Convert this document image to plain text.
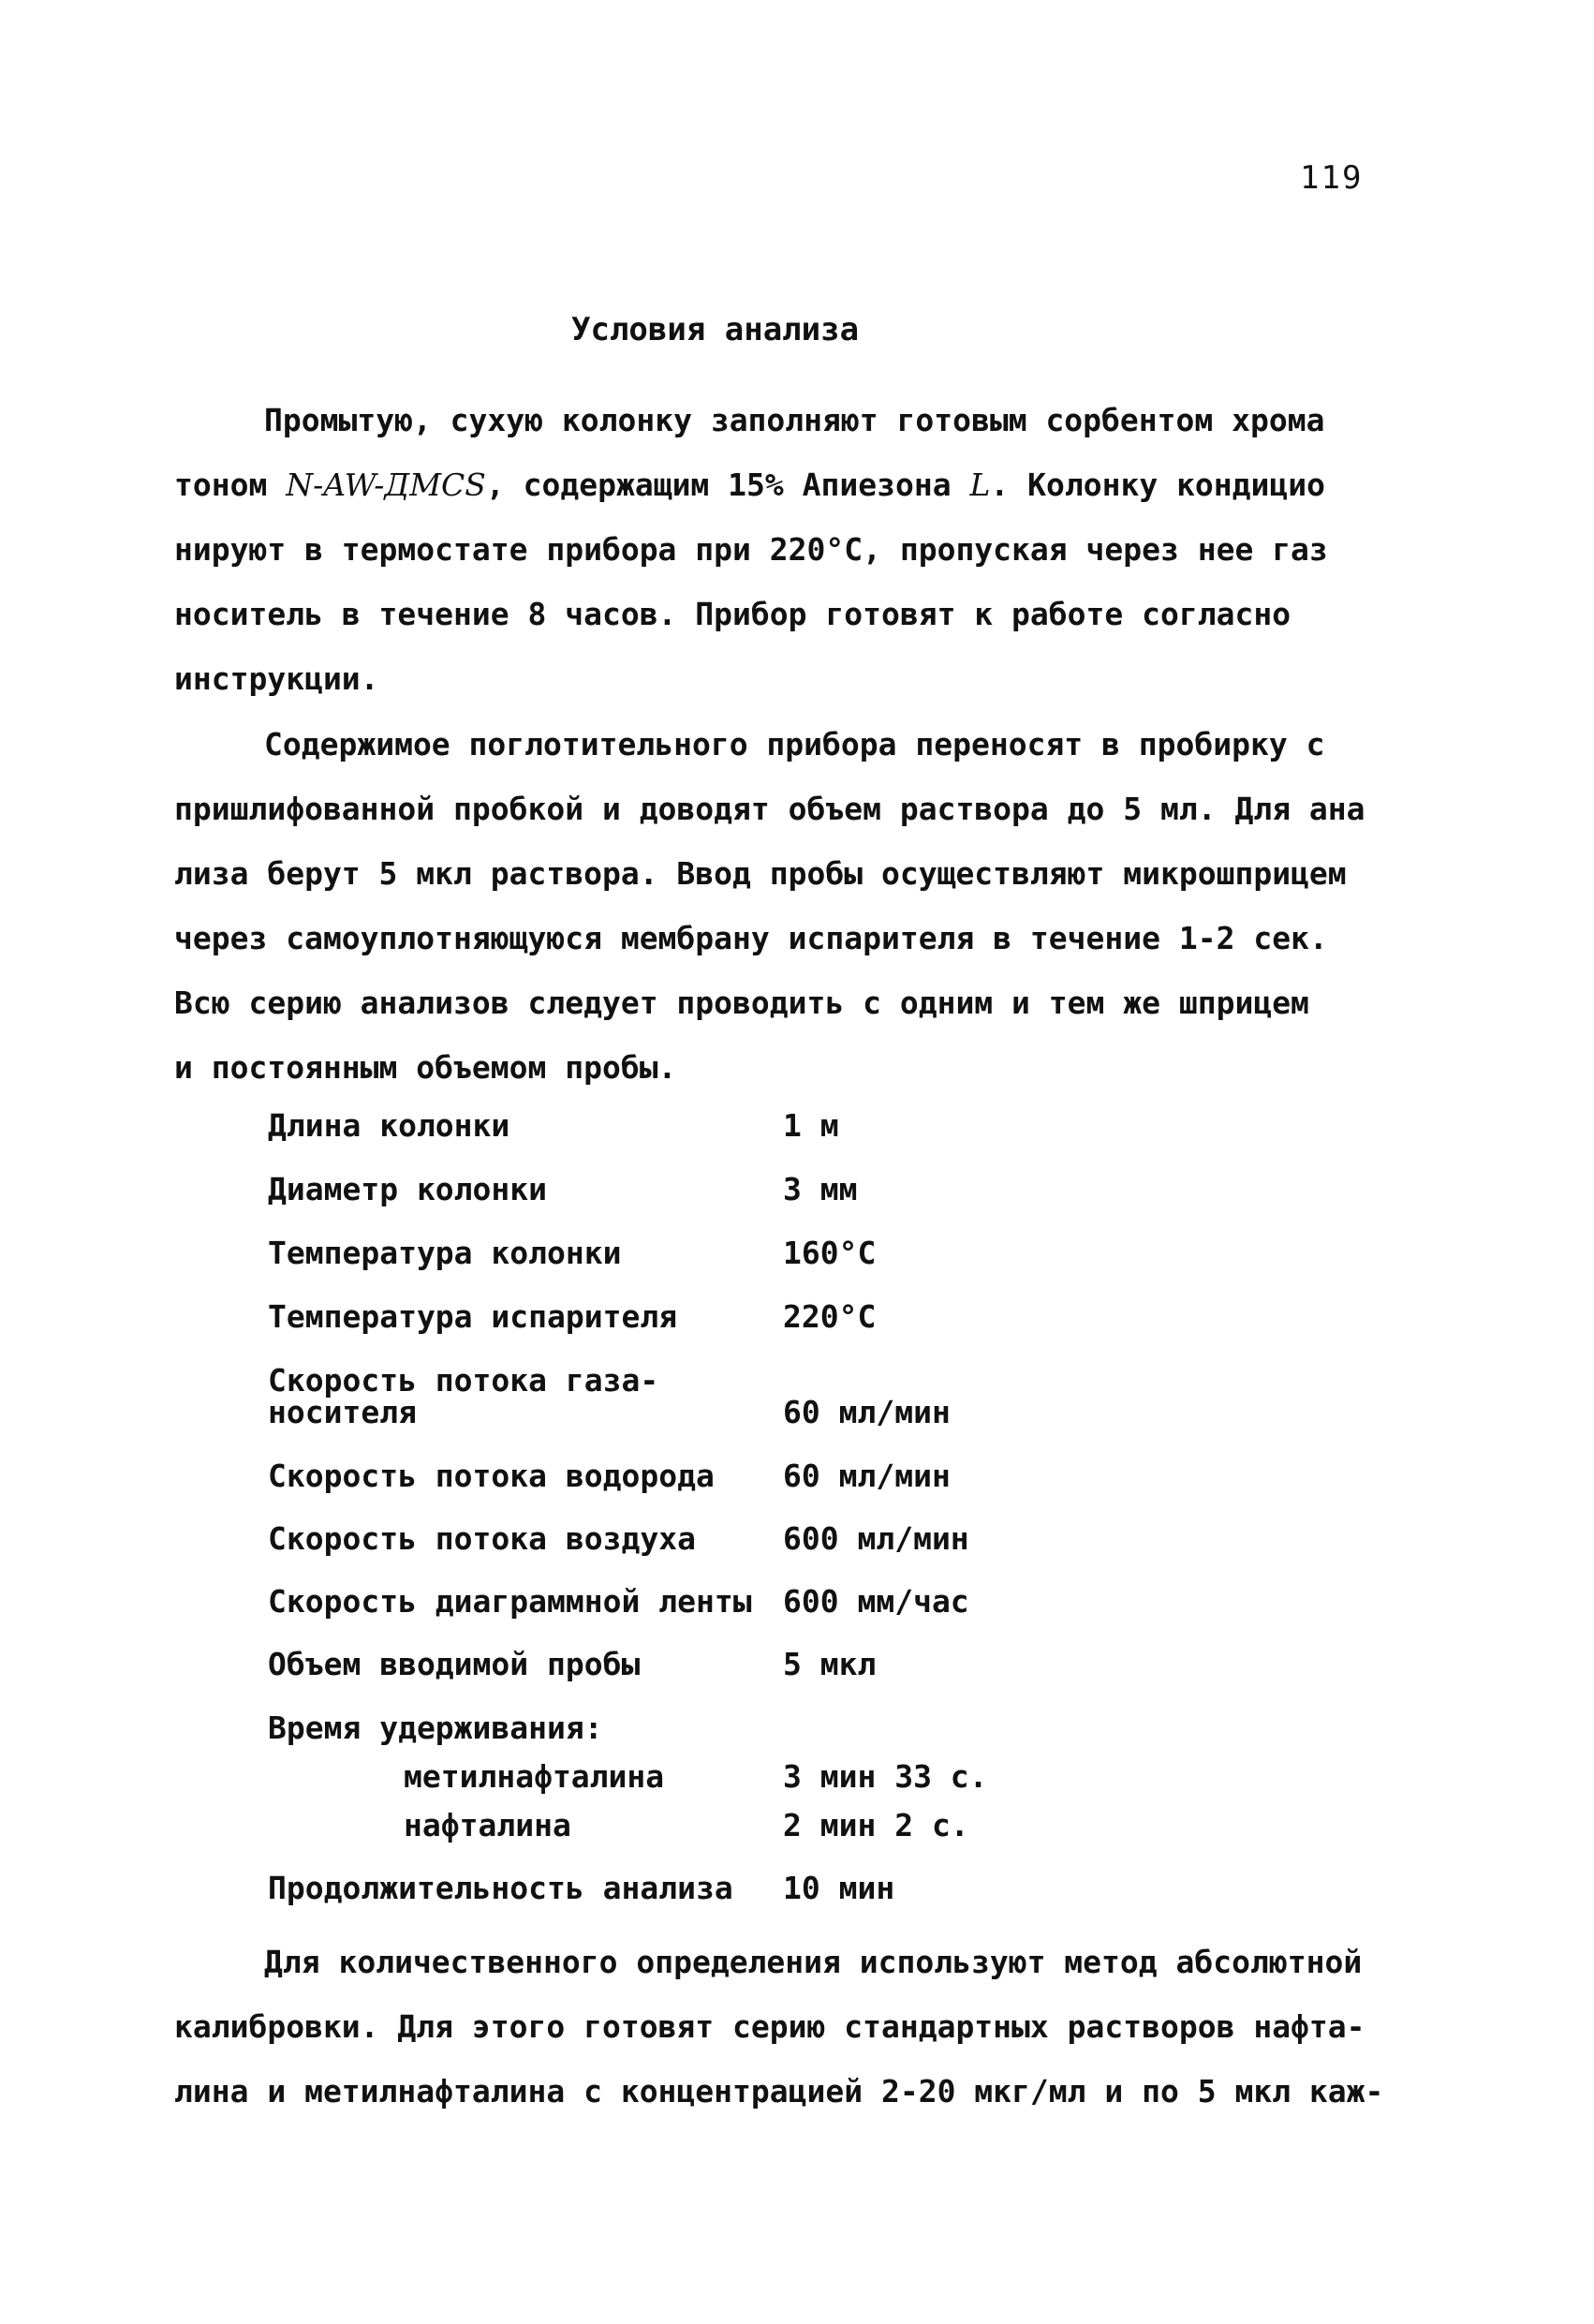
119
Условия анализа
Промытую, сухую колонку заполняют готовым сорбентом хрома
тоном N-AW-ДМСS, содержащим 15% Апиезона L. Колонку кондицио
нируют в термостате прибора при 220°С, пропуская через нее газ
носитель в течение 8 часов. Прибор готовят к работе согласно
инструкции.
Содержимое поглотительного прибора переносят в пробирку с
пришлифованной пробкой и доводят объем раствора до 5 мл. Для ана
лиза берут 5 мкл раствора. Ввод пробы осуществляют микрошприцем
через самоуплотняющуюся мембрану испарителя в течение 1-2 сек.
Всю серию анализов следует проводить с одним и тем же шприцем
и постоянным объемом пробы.
Длина колонки	1 м
Диаметр колонки	3 мм
Температура колонки	160°С
Температура испарителя	220°С
Скорость потока газа-
носителя	60 мл/мин
Скорость потока водорода 60 мл/мин
Скорость потока воздуха	600 мл/мин
Скорость диаграммной ленты 600 мм/час
Объем вводимой пробы	5 мкл
Время удерживания:
метилнафталина	3 мин 33 с.
нафталина	2 мин 2 с.
Продолжительность анализа 10 мин
Для количественного определения используют метод абсолютной
калибровки. Для этого готовят серию стандартных растворов нафта-
лина и метилнафталина с концентрацией 2-20 мкг/мл и по 5 мкл каж-
